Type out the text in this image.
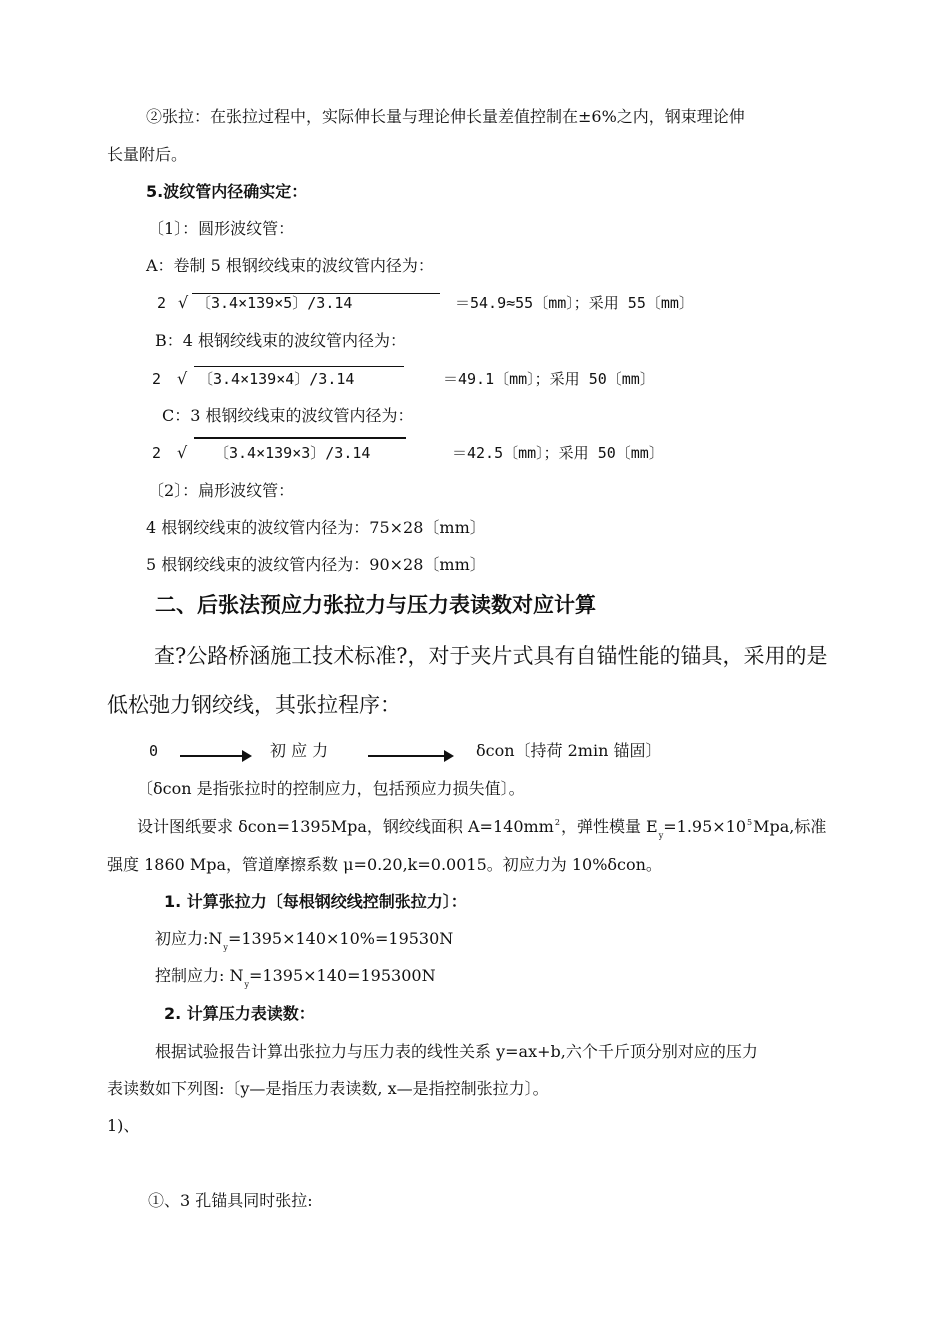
②张拉：在张拉过程中，实际伸长量与理论伸长量差值控制在±6%之内，钢束理论伸
长量附后。
5.波纹管内径确实定：
〔1〕：圆形波纹管：
A：卷制 5 根钢绞线束的波纹管内径为：
2 √ 〔3.4×139×5〕/3.14	＝54.9≈55〔mm〕；采用 55〔mm〕
B：4 根钢绞线束的波纹管内径为：
2 √ 〔3.4×139×4〕/3.14	＝49.1〔mm〕；采用 50〔mm〕
C：3 根钢绞线束的波纹管内径为：
2 √ 〔3.4×139×3〕/3.14	＝42.5〔mm〕；采用 50〔mm〕
〔2〕：扁形波纹管：
4 根钢绞线束的波纹管内径为：75×28〔mm〕
5 根钢绞线束的波纹管内径为：90×28〔mm〕
二、后张法预应力张拉力与压力表读数对应计算
查?公路桥涵施工技术标准?，对于夹片式具有自锚性能的锚具，采用的是
低松弛力钢绞线，其张拉程序：
0	初 应 力	δcon〔持荷 2min 锚固〕
〔δcon 是指张拉时的控制应力，包括预应力损失值〕。
设计图纸要求 δcon=1395Mpa，钢绞线面积 $A=140mm^2$，弹性模量 $E_y=1.95\times 10^5Mpa$,标准
强度 1860 Mpa，管道摩擦系数 μ=0.20,k=0.0015。初应力为 10%δcon。
1. 计算张拉力〔每根钢绞线控制张拉力〕：
初应力$:N_y=1395\times 140\times 10\%=19530N$
控制应力: $N_y=1395\times 140=195300N$
2. 计算压力表读数：
根据试验报告计算出张拉力与压力表的线性关系 y=ax+b,六个千斤顶分别对应的压力
表读数如下列图:〔y—是指压力表读数, x—是指控制张拉力〕。
1)、
①、3 孔锚具同时张拉:
